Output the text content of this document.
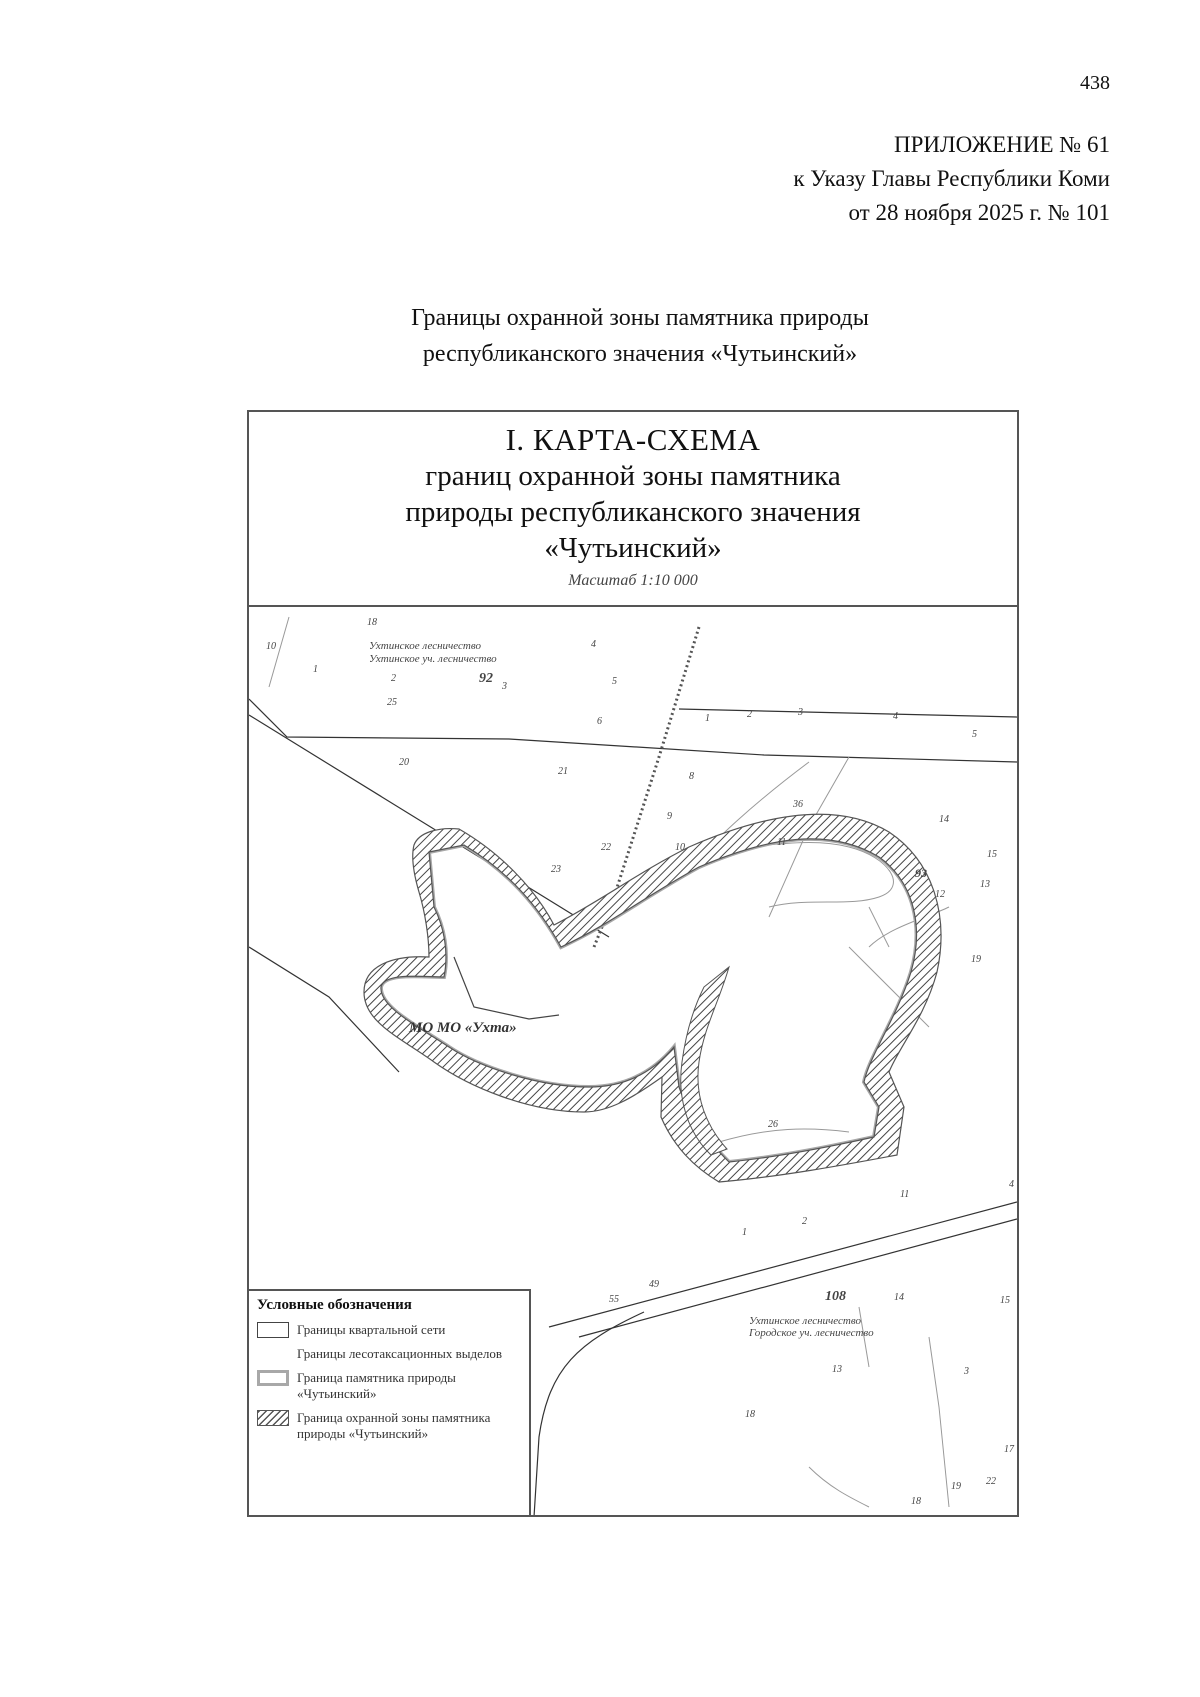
438
ПРИЛОЖЕНИЕ № 61
к Указу Главы Республики Коми
от 28 ноября 2025 г. № 101
Границы охранной зоны памятника природы
республиканского значения «Чутьинский»
I. КАРТА-СХЕМА
границ охранной зоны памятника
природы республиканского значения
«Чутьинский»
Масштаб 1:10 000
Ухтинское лесничество
Ухтинское уч. лесничество
Ухтинское лесничество
Городское уч. лесничество
92
93
108
МО МО «Ухта»
18
10
1
2
3
4
5
25
6	1	2	3	4
5
20
21	8
36
9	14
22	10	11
15
23
13
12
19
26
11
4
1
2
14	15
13	3
18
17
19	22
18
49
55
Условные обозначения
Границы квартальной сети
Границы лесотаксационных выделов
Граница памятника природы «Чутьинский»
Граница охранной зоны памятника природы «Чутьинский»
